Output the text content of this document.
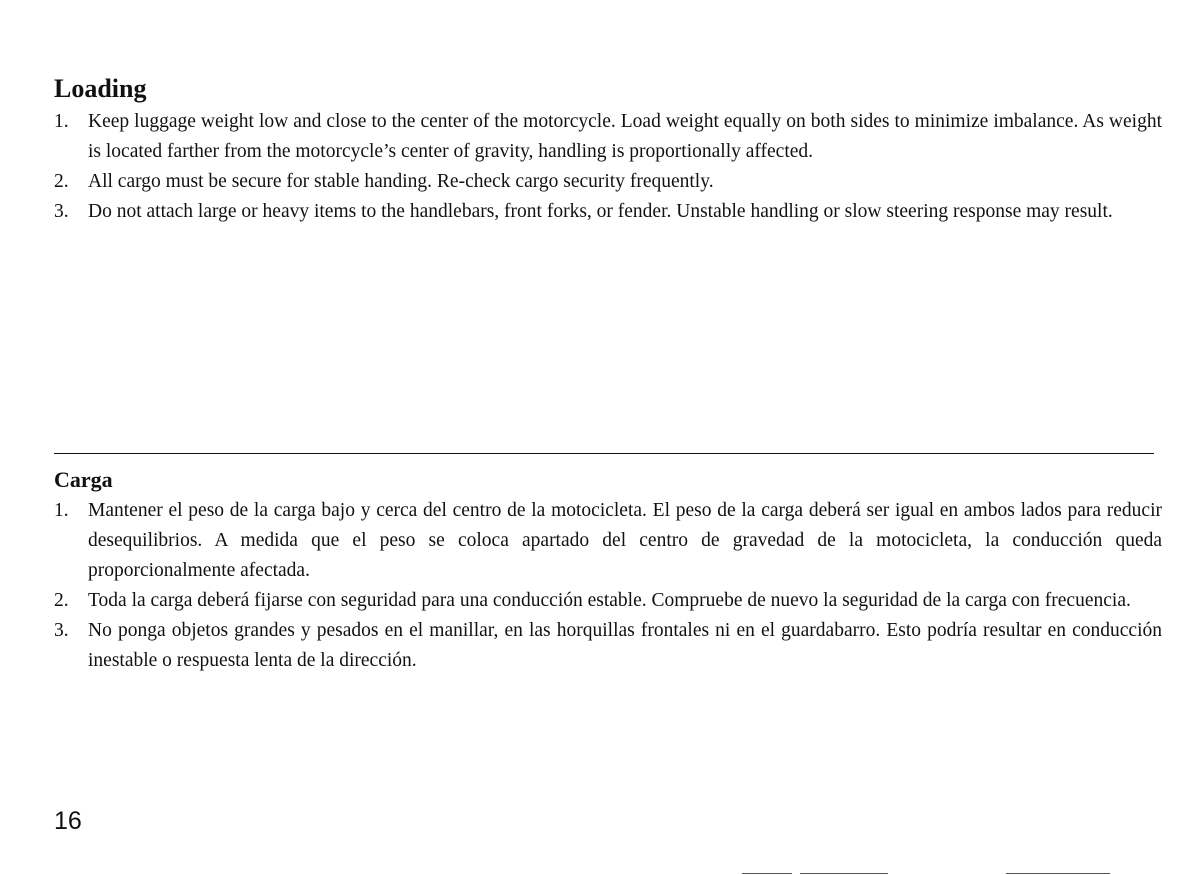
Loading
1. Keep luggage weight low and close to the center of the motorcycle. Load weight equally on both sides to minimize imbalance. As weight is located farther from the motorcycle’s center of gravity, handling is proportionally affected.
2. All cargo must be secure for stable handing. Re-check cargo security frequently.
3. Do not attach large or heavy items to the handlebars, front forks, or fender. Unstable handling or slow steering response may result.
Carga
1. Mantener el peso de la carga bajo y cerca del centro de la motocicleta. El peso de la carga deberá ser igual en ambos lados para reducir desequilibrios. A medida que el peso se coloca apartado del centro de gravedad de la motocicleta, la conducción queda proporcionalmente afectada.
2. Toda la carga deberá fijarse con seguridad para una conducción estable. Compruebe de nuevo la seguridad de la carga con frecuencia.
3. No ponga objetos grandes y pesados en el manillar, en las horquillas frontales ni en el guardabarro. Esto podría resultar en conducción inestable o respuesta lenta de la dirección.
16
